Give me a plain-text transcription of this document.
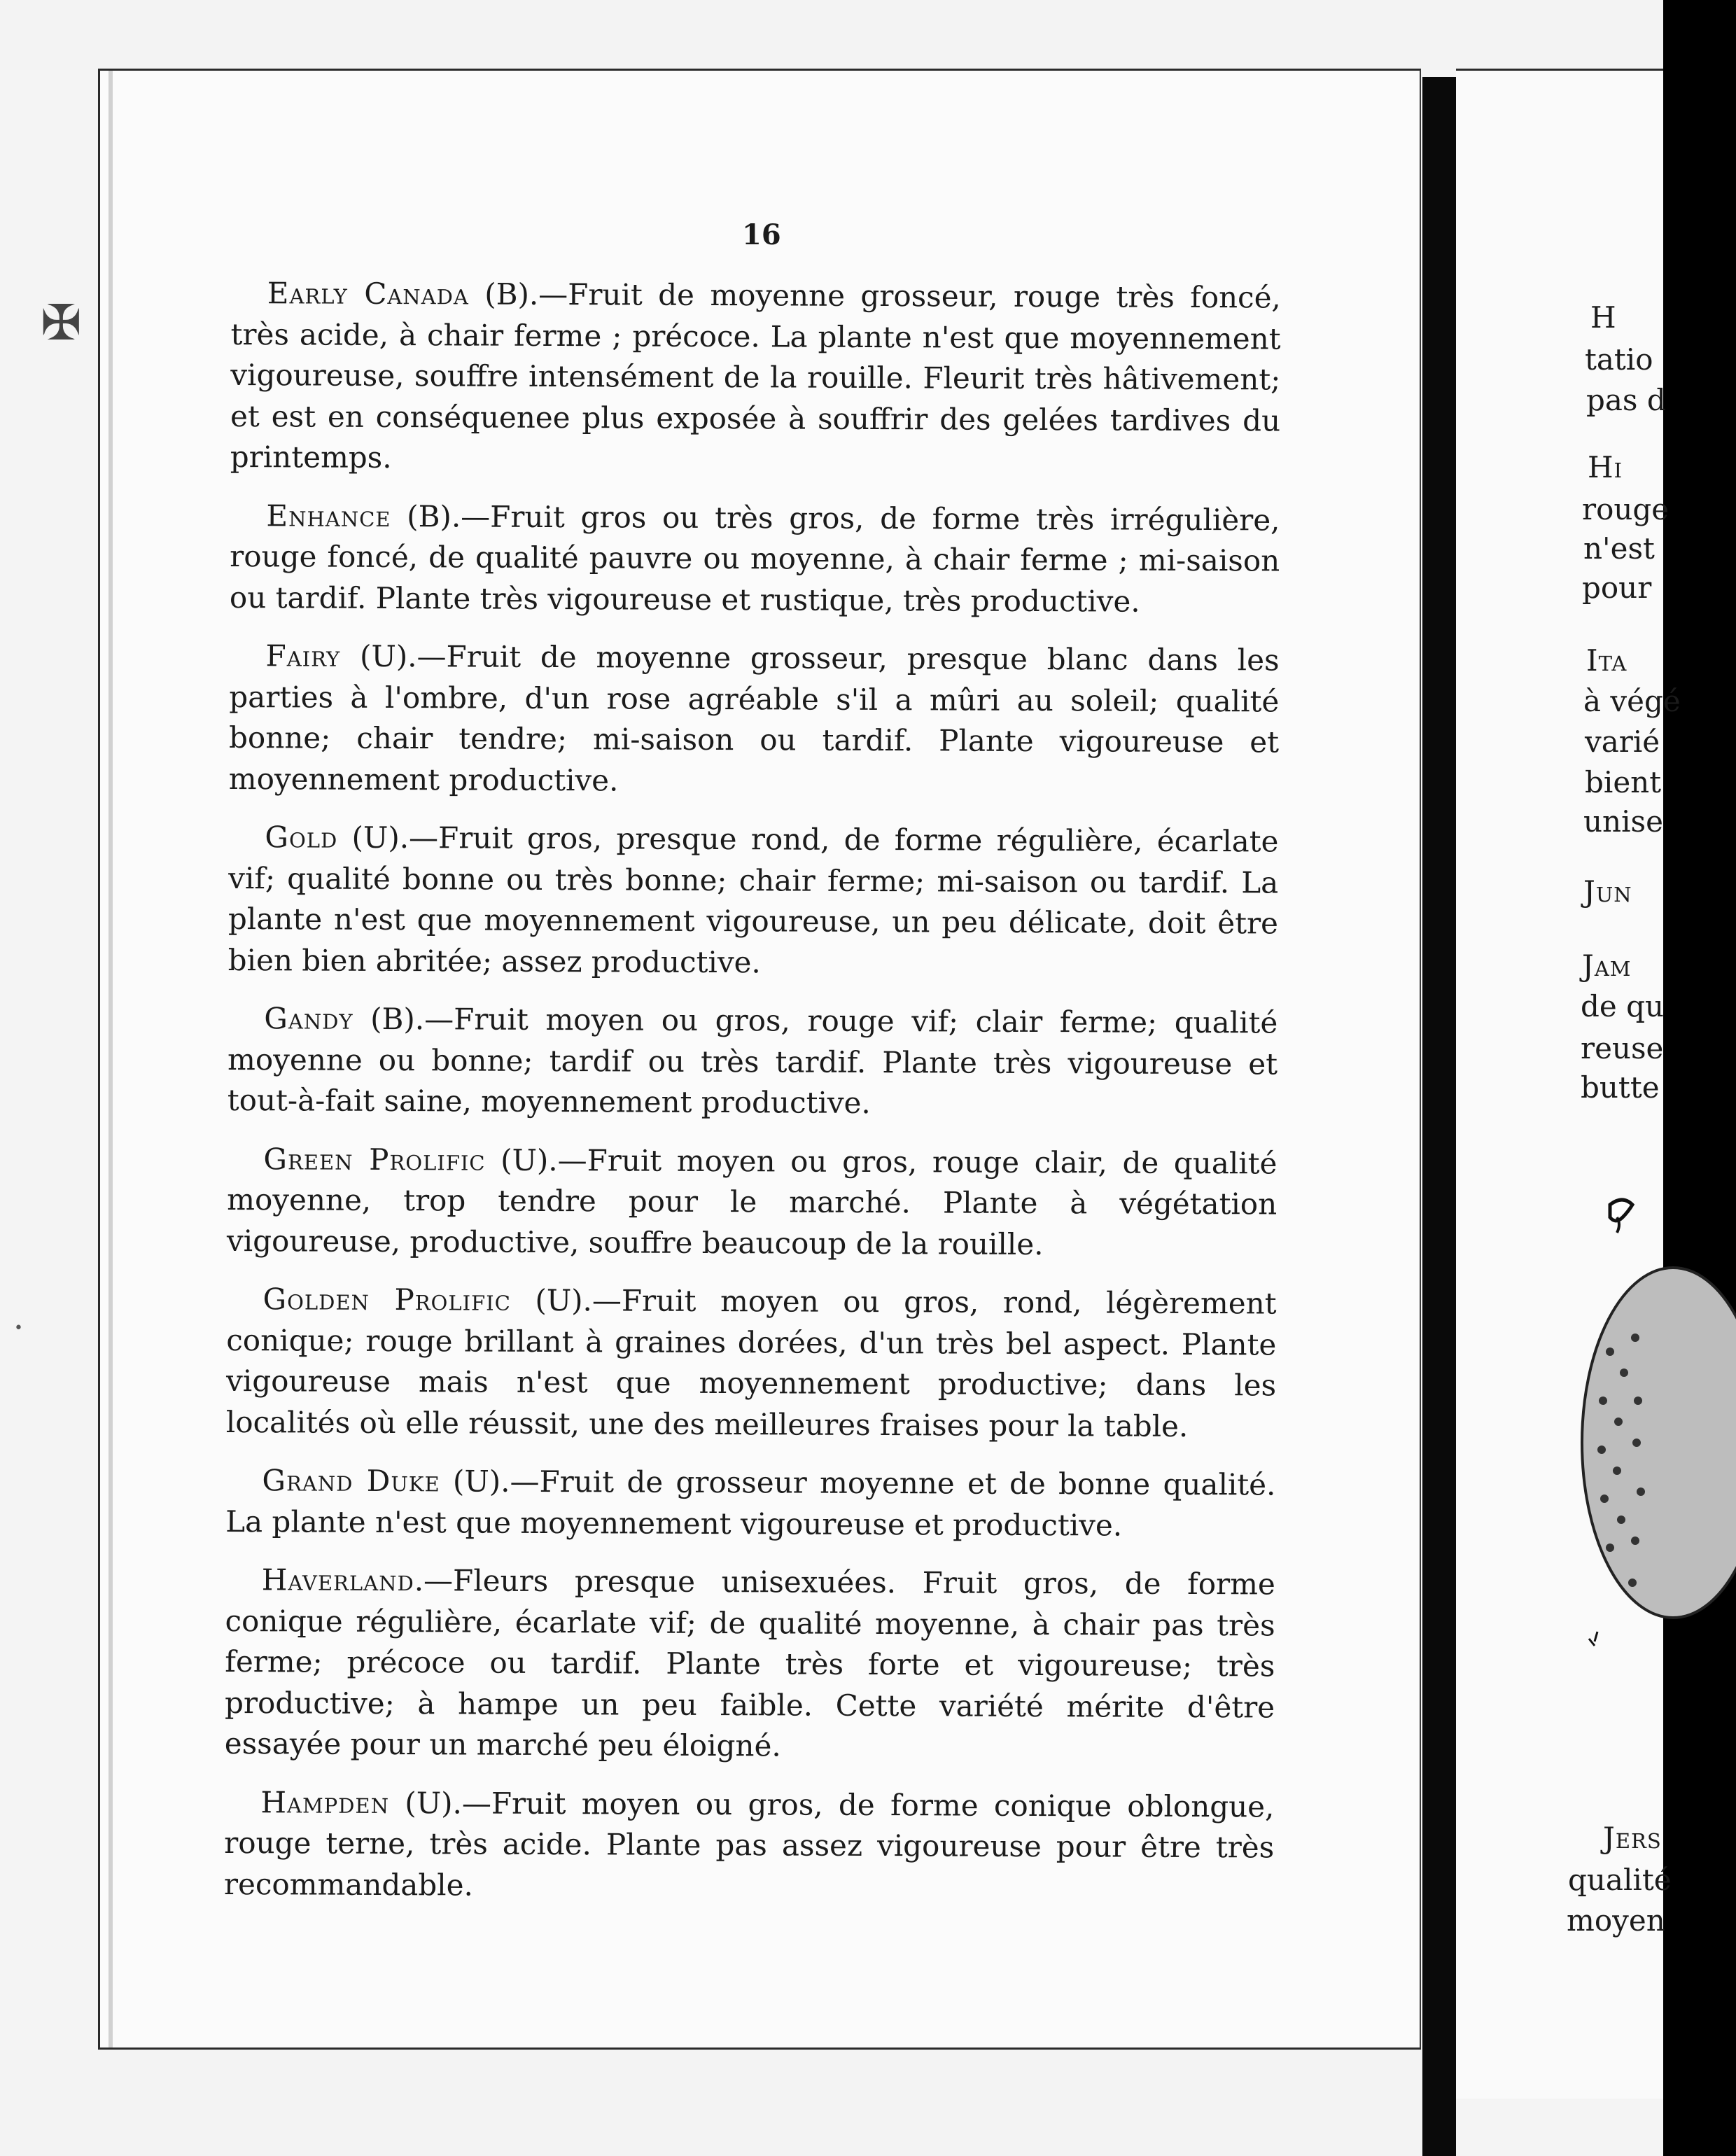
✠
•
H
tatio
pas d
Hi
rouge
n'est
pour
Ita
à végé
varié
bient
unise
Jun
Jam
de qu
reuse
butte
Jers
qualité
moyen
16

Early Canada (B).—Fruit de moyenne grosseur, rouge très foncé, très acide, à chair ferme ; précoce. La plante n'est que moyennement vigoureuse, souffre intensément de la rouille. Fleurit très hâtivement; et est en conséquenee plus exposée à souffrir des gelées tardives du printemps.

Enhance (B).—Fruit gros ou très gros, de forme très irrégulière, rouge foncé, de qualité pauvre ou moyenne, à chair ferme ; mi-saison ou tardif. Plante très vigoureuse et rustique, très productive.

Fairy (U).—Fruit de moyenne grosseur, presque blanc dans les parties à l'ombre, d'un rose agréable s'il a mûri au soleil; qualité bonne; chair tendre; mi-saison ou tardif. Plante vigoureuse et moyennement productive.

Gold (U).—Fruit gros, presque rond, de forme régulière, écarlate vif; qualité bonne ou très bonne; chair ferme; mi-saison ou tardif. La plante n'est que moyennement vigoureuse, un peu délicate, doit être bien bien abritée; assez productive.

Gandy (B).—Fruit moyen ou gros, rouge vif; clair ferme; qualité moyenne ou bonne; tardif ou très tardif. Plante très vigoureuse et tout-à-fait saine, moyennement productive.

Green Prolific (U).—Fruit moyen ou gros, rouge clair, de qualité moyenne, trop tendre pour le marché. Plante à végétation vigoureuse, productive, souffre beaucoup de la rouille.

Golden Prolific (U).—Fruit moyen ou gros, rond, légèrement conique; rouge brillant à graines dorées, d'un très bel aspect. Plante vigoureuse mais n'est que moyennement productive; dans les localités où elle réussit, une des meilleures fraises pour la table.

Grand Duke (U).—Fruit de grosseur moyenne et de bonne qualité. La plante n'est que moyennement vigoureuse et productive.

Haverland.—Fleurs presque unisexuées. Fruit gros, de forme conique régulière, écarlate vif; de qualité moyenne, à chair pas très ferme; précoce ou tardif. Plante très forte et vigoureuse; très productive; à hampe un peu faible. Cette variété mérite d'être essayée pour un marché peu éloigné.

Hampden (U).—Fruit moyen ou gros, de forme conique oblongue, rouge terne, très acide. Plante pas assez vigoureuse pour être très recommandable.
